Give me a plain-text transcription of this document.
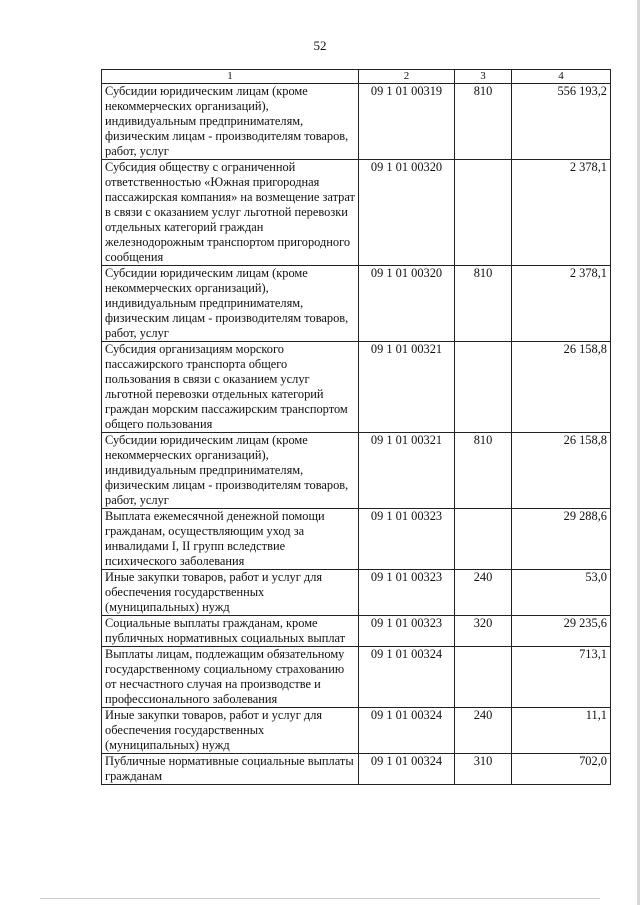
52
1	2	3	4
Субсидии юридическим лицам (кроме некоммерческих организаций), индивидуальным предпринимателям, физическим лицам - производителям товаров, работ, услуг	09 1 01 00319	810	556 193,2
Субсидия обществу с ограниченной ответственностью «Южная пригородная пассажирская компания» на возмещение затрат в связи с оказанием услуг льготной перевозки отдельных категорий граждан железнодорожным транспортом пригородного сообщения	09 1 01 00320		2 378,1
Субсидии юридическим лицам (кроме некоммерческих организаций), индивидуальным предпринимателям, физическим лицам - производителям товаров, работ, услуг	09 1 01 00320	810	2 378,1
Субсидия организациям морского пассажирского транспорта общего пользования в связи с оказанием услуг льготной перевозки отдельных категорий граждан морским пассажирским транспортом общего пользования	09 1 01 00321		26 158,8
Субсидии юридическим лицам (кроме некоммерческих организаций), индивидуальным предпринимателям, физическим лицам - производителям товаров, работ, услуг	09 1 01 00321	810	26 158,8
Выплата ежемесячной денежной помощи гражданам, осуществляющим уход за инвалидами I, II групп вследствие психического заболевания	09 1 01 00323		29 288,6
Иные закупки товаров, работ и услуг для обеспечения государственных (муниципальных) нужд	09 1 01 00323	240	53,0
Социальные выплаты гражданам, кроме публичных нормативных социальных выплат	09 1 01 00323	320	29 235,6
Выплаты лицам, подлежащим обязательному государственному социальному страхованию от несчастного случая на производстве и профессионального заболевания	09 1 01 00324		713,1
Иные закупки товаров, работ и услуг для обеспечения государственных (муниципальных) нужд	09 1 01 00324	240	11,1
Публичные нормативные социальные выплаты гражданам	09 1 01 00324	310	702,0
